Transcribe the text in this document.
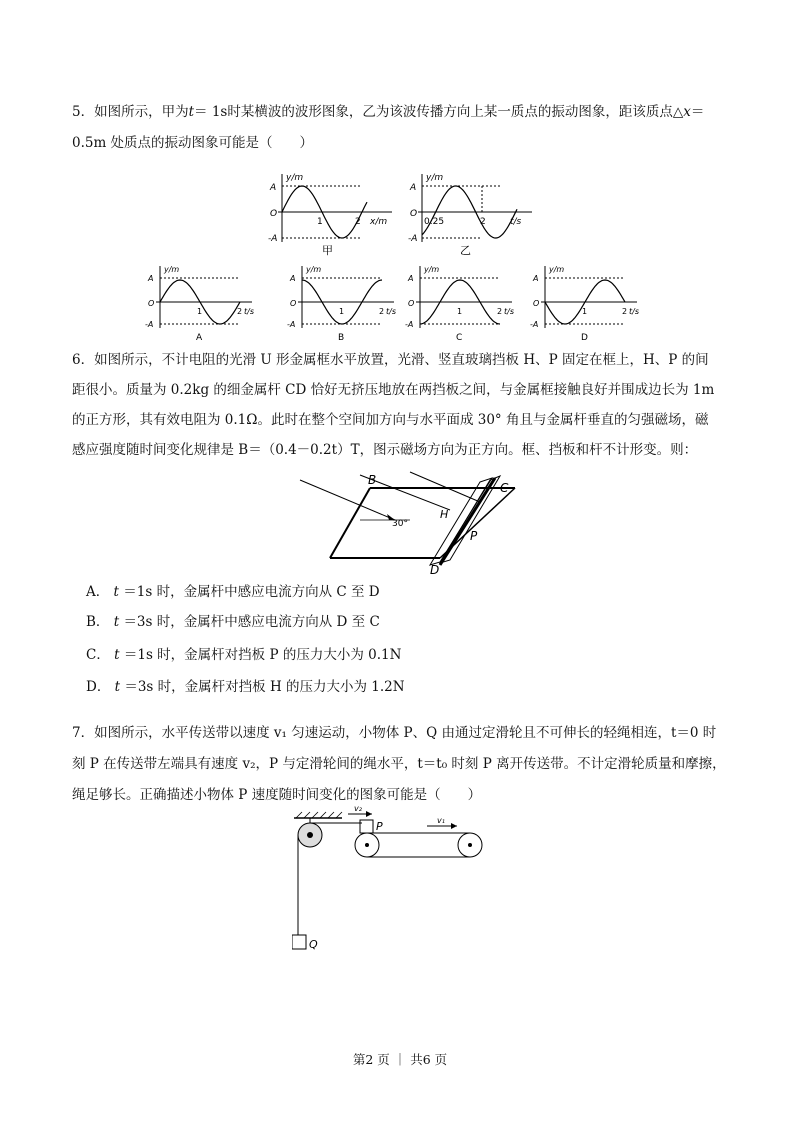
5．如图所示，甲为t＝ 1s时某横波的波形图象，乙为该波传播方向上某一质点的振动图象，距该质点△x＝
0.5m 处质点的振动图象可能是（　　）
y/m
A
-A
O
1	2 x/m
甲
y/m
A
-A
O
0.25	2	t/s
乙
y/m
A
-A
O
1	2 t/s
A
y/m
A
-A
O
1	2 t/s
B
y/m
A
-A
O
1	2 t/s
C
y/m
A
-A
O
1	2 t/s
D
6．如图所示，不计电阻的光滑 U 形金属框水平放置，光滑、竖直玻璃挡板 H、P 固定在框上，H、P 的间
距很小。质量为 0.2kg 的细金属杆 CD 恰好无挤压地放在两挡板之间，与金属框接触良好并围成边长为 1m
的正方形，其有效电阻为 0.1Ω。此时在整个空间加方向与水平面成 30° 角且与金属杆垂直的匀强磁场，磁
感应强度随时间变化规律是 B＝（0.4－0.2t）T，图示磁场方向为正方向。框、挡板和杆不计形变。则：
B
C
D
H
P
30°
A． t ＝1s 时，金属杆中感应电流方向从 C 至 D
B． t ＝3s 时，金属杆中感应电流方向从 D 至 C
C． t ＝1s 时，金属杆对挡板 P 的压力大小为 0.1N
D． t ＝3s 时，金属杆对挡板 H 的压力大小为 1.2N
7．如图所示，水平传送带以速度 v₁ 匀速运动，小物体 P、Q 由通过定滑轮且不可伸长的轻绳相连，t＝0 时
刻 P 在传送带左端具有速度 v₂，P 与定滑轮间的绳水平，t＝t₀ 时刻 P 离开传送带。不计定滑轮质量和摩擦，
绳足够长。正确描述小物体 P 速度随时间变化的图象可能是（　　）
v₂
v₁
P
Q
第2 页 ｜ 共6 页
